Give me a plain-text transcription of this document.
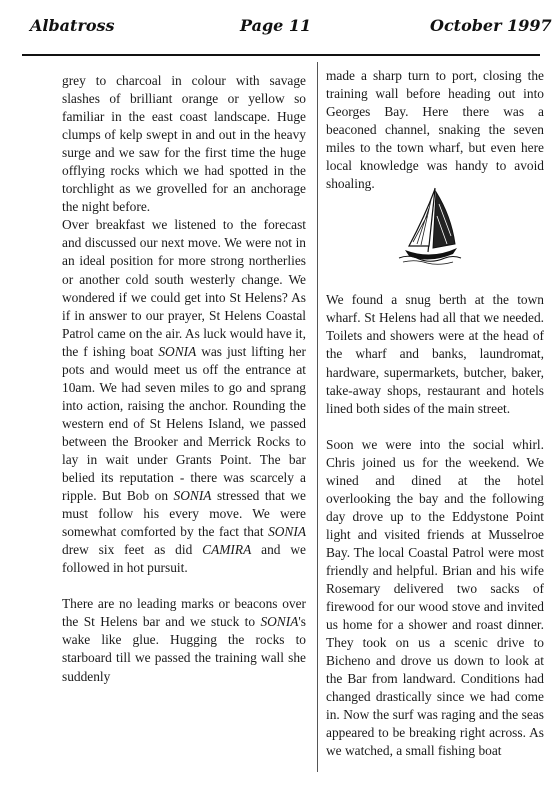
Albatross	Page 11	October 1997

grey to charcoal in colour with savage slashes of brilliant orange or yellow so familiar in the east coast landscape. Huge clumps of kelp swept in and out in the heavy surge and we saw for the first time the huge offlying rocks which we had spotted in the torchlight as we grovelled for an anchorage the night before.

Over breakfast we listened to the forecast and discussed our next move. We were not in an ideal position for more strong northerlies or another cold south westerly change. We wondered if we could get into St Helens? As if in answer to our prayer, St Helens Coastal Patrol came on the air. As luck would have it, the f ishing boat SONIA was just lifting her pots and would meet us off the entrance at 10am. We had seven miles to go and sprang into action, raising the anchor. Rounding the western end of St Helens Island, we passed between the Brooker and Merrick Rocks to lay in wait under Grants Point. The bar belied its reputation - there was scarcely a ripple. But Bob on SONIA stressed that we must follow his every move. We were somewhat comforted by the fact that SONIA drew six feet as did CAMIRA and we followed in hot pursuit.

There are no leading marks or beacons over the St Helens bar and we stuck to SONIA's wake like glue. Hugging the rocks to starboard till we passed the training wall she suddenly

made a sharp turn to port, closing the training wall before heading out into Georges Bay. Here there was a beaconed channel, snaking the seven miles to the town wharf, but even here local knowledge was handy to avoid shoaling.

We found a snug berth at the town wharf. St Helens had all that we needed. Toilets and showers were at the head of the wharf and banks, laundromat, hardware, supermarkets, butcher, baker, take-away shops, restaurant and hotels lined both sides of the main street.

Soon we were into the social whirl. Chris joined us for the weekend. We wined and dined at the hotel overlooking the bay and the following day drove up to the Eddystone Point light and visited friends at Musselroe Bay. The local Coastal Patrol were most friendly and helpful. Brian and his wife Rosemary delivered two sacks of firewood for our wood stove and invited us home for a shower and roast dinner. They took on us a scenic drive to Bicheno and drove us down to look at the Bar from landward. Conditions had changed drastically since we had come in. Now the surf was raging and the seas appeared to be breaking right across. As we watched, a small fishing boat
